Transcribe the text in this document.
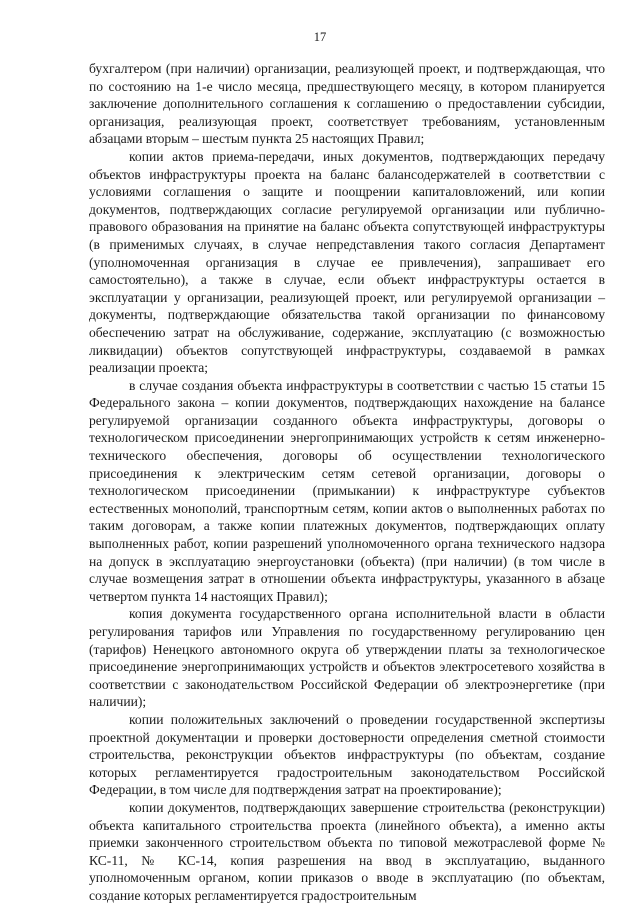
17

бухгалтером (при наличии) организации, реализующей проект, и подтверждающая, что по состоянию на 1-е число месяца, предшествующего месяцу, в котором планируется заключение дополнительного соглашения к соглашению о предоставлении субсидии, организация, реализующая проект, соответствует требованиям, установленным абзацами вторым – шестым пункта 25 настоящих Правил;

копии актов приема-передачи, иных документов, подтверждающих передачу объектов инфраструктуры проекта на баланс балансодержателей в соответствии с условиями соглашения о защите и поощрении капиталовложений, или копии документов, подтверждающих согласие регулируемой организации или публично-правового образования на принятие на баланс объекта сопутствующей инфраструктуры (в применимых случаях, в случае непредставления такого согласия Департамент (уполномоченная организация в случае ее привлечения), запрашивает его самостоятельно), а также в случае, если объект инфраструктуры остается в эксплуатации у организации, реализующей проект, или регулируемой организации – документы, подтверждающие обязательства такой организации по финансовому обеспечению затрат на обслуживание, содержание, эксплуатацию (с возможностью ликвидации) объектов сопутствующей инфраструктуры, создаваемой в рамках реализации проекта;

в случае создания объекта инфраструктуры в соответствии с частью 15 статьи 15 Федерального закона – копии документов, подтверждающих нахождение на балансе регулируемой организации созданного объекта инфраструктуры, договоры о технологическом присоединении энергопринимающих устройств к сетям инженерно-технического обеспечения, договоры об осуществлении технологического присоединения к электрическим сетям сетевой организации, договоры о технологическом присоединении (примыкании) к инфраструктуре субъектов естественных монополий, транспортным сетям, копии актов о выполненных работах по таким договорам, а также копии платежных документов, подтверждающих оплату выполненных работ, копии разрешений уполномоченного органа технического надзора на допуск в эксплуатацию энергоустановки (объекта) (при наличии) (в том числе в случае возмещения затрат в отношении объекта инфраструктуры, указанного в абзаце четвертом пункта 14 настоящих Правил);

копия документа государственного органа исполнительной власти в области регулирования тарифов или Управления по государственному регулированию цен (тарифов) Ненецкого автономного округа об утверждении платы за технологическое присоединение энергопринимающих устройств и объектов электросетевого хозяйства в соответствии с законодательством Российской Федерации об электроэнергетике (при наличии);

копии положительных заключений о проведении государственной экспертизы проектной документации и проверки достоверности определения сметной стоимости строительства, реконструкции объектов инфраструктуры (по объектам, создание которых регламентируется градостроительным законодательством Российской Федерации, в том числе для подтверждения затрат на проектирование);

копии документов, подтверждающих завершение строительства (реконструкции) объекта капитального строительства проекта (линейного объекта), а именно акты приемки законченного строительством объекта по типовой межотраслевой форме № КС-11, № КС-14, копия разрешения на ввод в эксплуатацию, выданного уполномоченным органом, копии приказов о вводе в эксплуатацию (по объектам, создание которых регламентируется градостроительным
